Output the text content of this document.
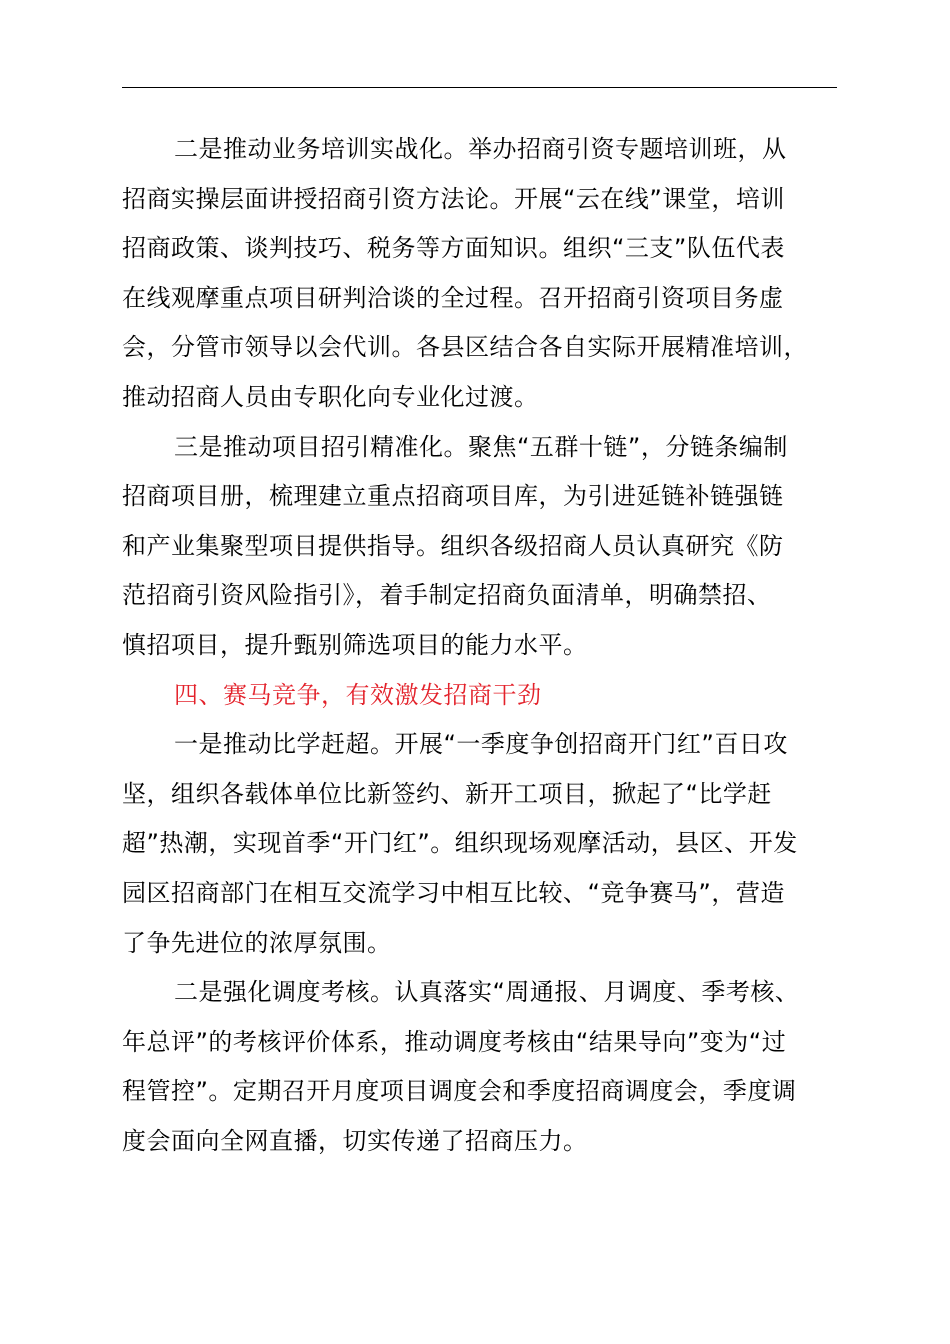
二是推动业务培训实战化。举办招商引资专题培训班，从
招商实操层面讲授招商引资方法论。开展“云在线”课堂，培训
招商政策、谈判技巧、税务等方面知识。组织“三支”队伍代表
在线观摩重点项目研判洽谈的全过程。召开招商引资项目务虚
会，分管市领导以会代训。各县区结合各自实际开展精准培训，
推动招商人员由专职化向专业化过渡。

三是推动项目招引精准化。聚焦“五群十链”，分链条编制
招商项目册，梳理建立重点招商项目库，为引进延链补链强链
和产业集聚型项目提供指导。组织各级招商人员认真研究《防
范招商引资风险指引》，着手制定招商负面清单，明确禁招、
慎招项目，提升甄别筛选项目的能力水平。

四、赛马竞争，有效激发招商干劲

一是推动比学赶超。开展“一季度争创招商开门红”百日攻
坚，组织各载体单位比新签约、新开工项目，掀起了“比学赶
超”热潮，实现首季“开门红”。组织现场观摩活动，县区、开发
园区招商部门在相互交流学习中相互比较、“竞争赛马”，营造
了争先进位的浓厚氛围。

二是强化调度考核。认真落实“周通报、月调度、季考核、
年总评”的考核评价体系，推动调度考核由“结果导向”变为“过
程管控”。定期召开月度项目调度会和季度招商调度会，季度调
度会面向全网直播，切实传递了招商压力。
